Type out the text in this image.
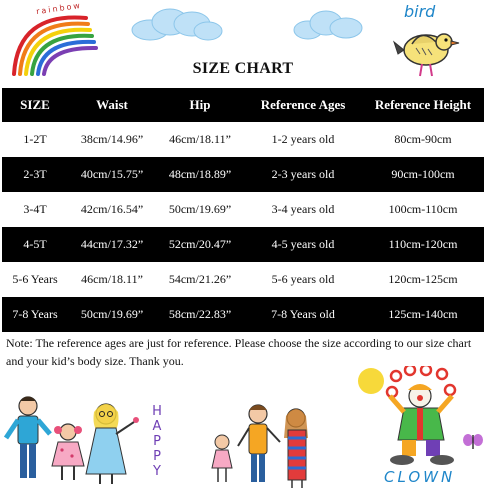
rainbow	bird
SIZE CHART
SIZE	Waist	Hip	Reference Ages	Reference Height
1-2T	38cm/14.96”	46cm/18.11”	1-2 years old	80cm-90cm
2-3T	40cm/15.75”	48cm/18.89”	2-3 years old	90cm-100cm
3-4T	42cm/16.54”	50cm/19.69”	3-4 years old	100cm-110cm
4-5T	44cm/17.32”	52cm/20.47”	4-5 years old	110cm-120cm
5-6 Years	46cm/18.11”	54cm/21.26”	5-6 years old	120cm-125cm
7-8 Years	50cm/19.69”	58cm/22.83”	7-8 Years old	125cm-140cm

Note: The reference ages are just for reference. Please choose the size according to our size chart and your kid’s body size. Thank you.

HAPPY	CLOWN
